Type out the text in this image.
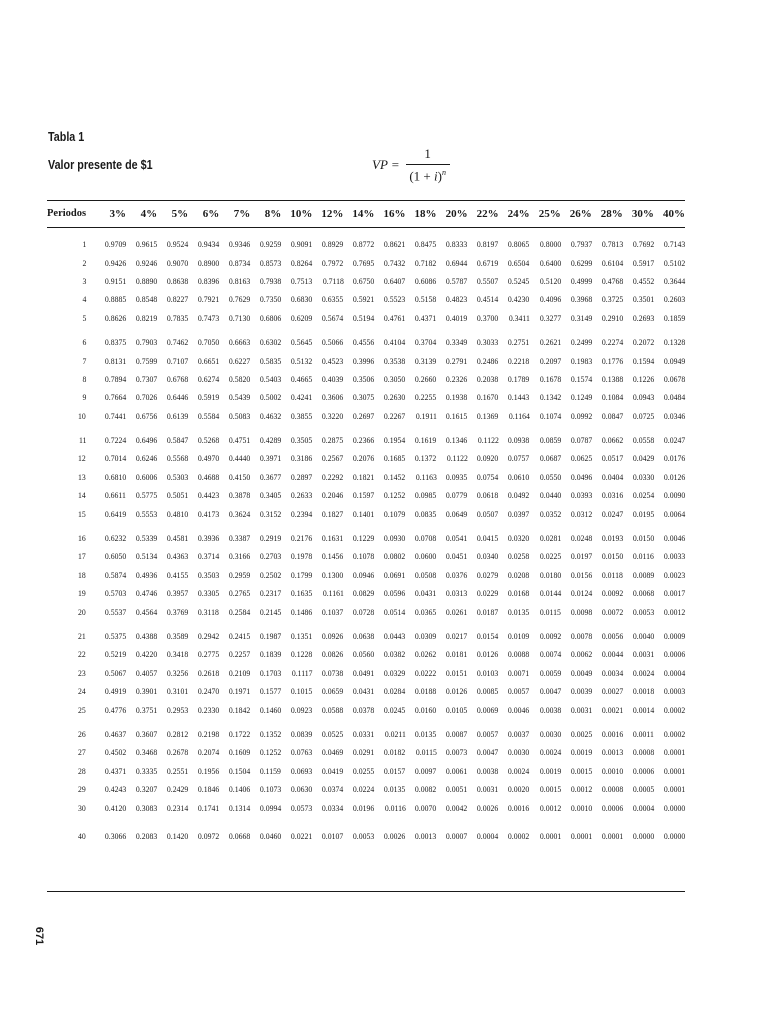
Tabla 1
Valor presente de $1	VP = $\frac{1}{(1 + i)^n}$
Periodos	3%	4%	5%	6%	7%	8%	10%	12%	14%	16%	18%	20%	22%	24%	25%	26%	28%	30%	40%

1	0.9709	0.9615	0.9524	0.9434	0.9346	0.9259	0.9091	0.8929	0.8772	0.8621	0.8475	0.8333	0.8197	0.8065	0.8000	0.7937	0.7813	0.7692	0.7143
2	0.9426	0.9246	0.9070	0.8900	0.8734	0.8573	0.8264	0.7972	0.7695	0.7432	0.7182	0.6944	0.6719	0.6504	0.6400	0.6299	0.6104	0.5917	0.5102
3	0.9151	0.8890	0.8638	0.8396	0.8163	0.7938	0.7513	0.7118	0.6750	0.6407	0.6086	0.5787	0.5507	0.5245	0.5120	0.4999	0.4768	0.4552	0.3644
4	0.8885	0.8548	0.8227	0.7921	0.7629	0.7350	0.6830	0.6355	0.5921	0.5523	0.5158	0.4823	0.4514	0.4230	0.4096	0.3968	0.3725	0.3501	0.2603
5	0.8626	0.8219	0.7835	0.7473	0.7130	0.6806	0.6209	0.5674	0.5194	0.4761	0.4371	0.4019	0.3700	0.3411	0.3277	0.3149	0.2910	0.2693	0.1859

6	0.8375	0.7903	0.7462	0.7050	0.6663	0.6302	0.5645	0.5066	0.4556	0.4104	0.3704	0.3349	0.3033	0.2751	0.2621	0.2499	0.2274	0.2072	0.1328
7	0.8131	0.7599	0.7107	0.6651	0.6227	0.5835	0.5132	0.4523	0.3996	0.3538	0.3139	0.2791	0.2486	0.2218	0.2097	0.1983	0.1776	0.1594	0.0949
8	0.7894	0.7307	0.6768	0.6274	0.5820	0.5403	0.4665	0.4039	0.3506	0.3050	0.2660	0.2326	0.2038	0.1789	0.1678	0.1574	0.1388	0.1226	0.0678
9	0.7664	0.7026	0.6446	0.5919	0.5439	0.5002	0.4241	0.3606	0.3075	0.2630	0.2255	0.1938	0.1670	0.1443	0.1342	0.1249	0.1084	0.0943	0.0484
10	0.7441	0.6756	0.6139	0.5584	0.5083	0.4632	0.3855	0.3220	0.2697	0.2267	0.1911	0.1615	0.1369	0.1164	0.1074	0.0992	0.0847	0.0725	0.0346

11	0.7224	0.6496	0.5847	0.5268	0.4751	0.4289	0.3505	0.2875	0.2366	0.1954	0.1619	0.1346	0.1122	0.0938	0.0859	0.0787	0.0662	0.0558	0.0247
12	0.7014	0.6246	0.5568	0.4970	0.4440	0.3971	0.3186	0.2567	0.2076	0.1685	0.1372	0.1122	0.0920	0.0757	0.0687	0.0625	0.0517	0.0429	0.0176
13	0.6810	0.6006	0.5303	0.4688	0.4150	0.3677	0.2897	0.2292	0.1821	0.1452	0.1163	0.0935	0.0754	0.0610	0.0550	0.0496	0.0404	0.0330	0.0126
14	0.6611	0.5775	0.5051	0.4423	0.3878	0.3405	0.2633	0.2046	0.1597	0.1252	0.0985	0.0779	0.0618	0.0492	0.0440	0.0393	0.0316	0.0254	0.0090
15	0.6419	0.5553	0.4810	0.4173	0.3624	0.3152	0.2394	0.1827	0.1401	0.1079	0.0835	0.0649	0.0507	0.0397	0.0352	0.0312	0.0247	0.0195	0.0064

16	0.6232	0.5339	0.4581	0.3936	0.3387	0.2919	0.2176	0.1631	0.1229	0.0930	0.0708	0.0541	0.0415	0.0320	0.0281	0.0248	0.0193	0.0150	0.0046
17	0.6050	0.5134	0.4363	0.3714	0.3166	0.2703	0.1978	0.1456	0.1078	0.0802	0.0600	0.0451	0.0340	0.0258	0.0225	0.0197	0.0150	0.0116	0.0033
18	0.5874	0.4936	0.4155	0.3503	0.2959	0.2502	0.1799	0.1300	0.0946	0.0691	0.0508	0.0376	0.0279	0.0208	0.0180	0.0156	0.0118	0.0089	0.0023
19	0.5703	0.4746	0.3957	0.3305	0.2765	0.2317	0.1635	0.1161	0.0829	0.0596	0.0431	0.0313	0.0229	0.0168	0.0144	0.0124	0.0092	0.0068	0.0017
20	0.5537	0.4564	0.3769	0.3118	0.2584	0.2145	0.1486	0.1037	0.0728	0.0514	0.0365	0.0261	0.0187	0.0135	0.0115	0.0098	0.0072	0.0053	0.0012

21	0.5375	0.4388	0.3589	0.2942	0.2415	0.1987	0.1351	0.0926	0.0638	0.0443	0.0309	0.0217	0.0154	0.0109	0.0092	0.0078	0.0056	0.0040	0.0009
22	0.5219	0.4220	0.3418	0.2775	0.2257	0.1839	0.1228	0.0826	0.0560	0.0382	0.0262	0.0181	0.0126	0.0088	0.0074	0.0062	0.0044	0.0031	0.0006
23	0.5067	0.4057	0.3256	0.2618	0.2109	0.1703	0.1117	0.0738	0.0491	0.0329	0.0222	0.0151	0.0103	0.0071	0.0059	0.0049	0.0034	0.0024	0.0004
24	0.4919	0.3901	0.3101	0.2470	0.1971	0.1577	0.1015	0.0659	0.0431	0.0284	0.0188	0.0126	0.0085	0.0057	0.0047	0.0039	0.0027	0.0018	0.0003
25	0.4776	0.3751	0.2953	0.2330	0.1842	0.1460	0.0923	0.0588	0.0378	0.0245	0.0160	0.0105	0.0069	0.0046	0.0038	0.0031	0.0021	0.0014	0.0002

26	0.4637	0.3607	0.2812	0.2198	0.1722	0.1352	0.0839	0.0525	0.0331	0.0211	0.0135	0.0087	0.0057	0.0037	0.0030	0.0025	0.0016	0.0011	0.0002
27	0.4502	0.3468	0.2678	0.2074	0.1609	0.1252	0.0763	0.0469	0.0291	0.0182	0.0115	0.0073	0.0047	0.0030	0.0024	0.0019	0.0013	0.0008	0.0001
28	0.4371	0.3335	0.2551	0.1956	0.1504	0.1159	0.0693	0.0419	0.0255	0.0157	0.0097	0.0061	0.0038	0.0024	0.0019	0.0015	0.0010	0.0006	0.0001
29	0.4243	0.3207	0.2429	0.1846	0.1406	0.1073	0.0630	0.0374	0.0224	0.0135	0.0082	0.0051	0.0031	0.0020	0.0015	0.0012	0.0008	0.0005	0.0001
30	0.4120	0.3083	0.2314	0.1741	0.1314	0.0994	0.0573	0.0334	0.0196	0.0116	0.0070	0.0042	0.0026	0.0016	0.0012	0.0010	0.0006	0.0004	0.0000

40	0.3066	0.2083	0.1420	0.0972	0.0668	0.0460	0.0221	0.0107	0.0053	0.0026	0.0013	0.0007	0.0004	0.0002	0.0001	0.0001	0.0001	0.0000	0.0000
671
